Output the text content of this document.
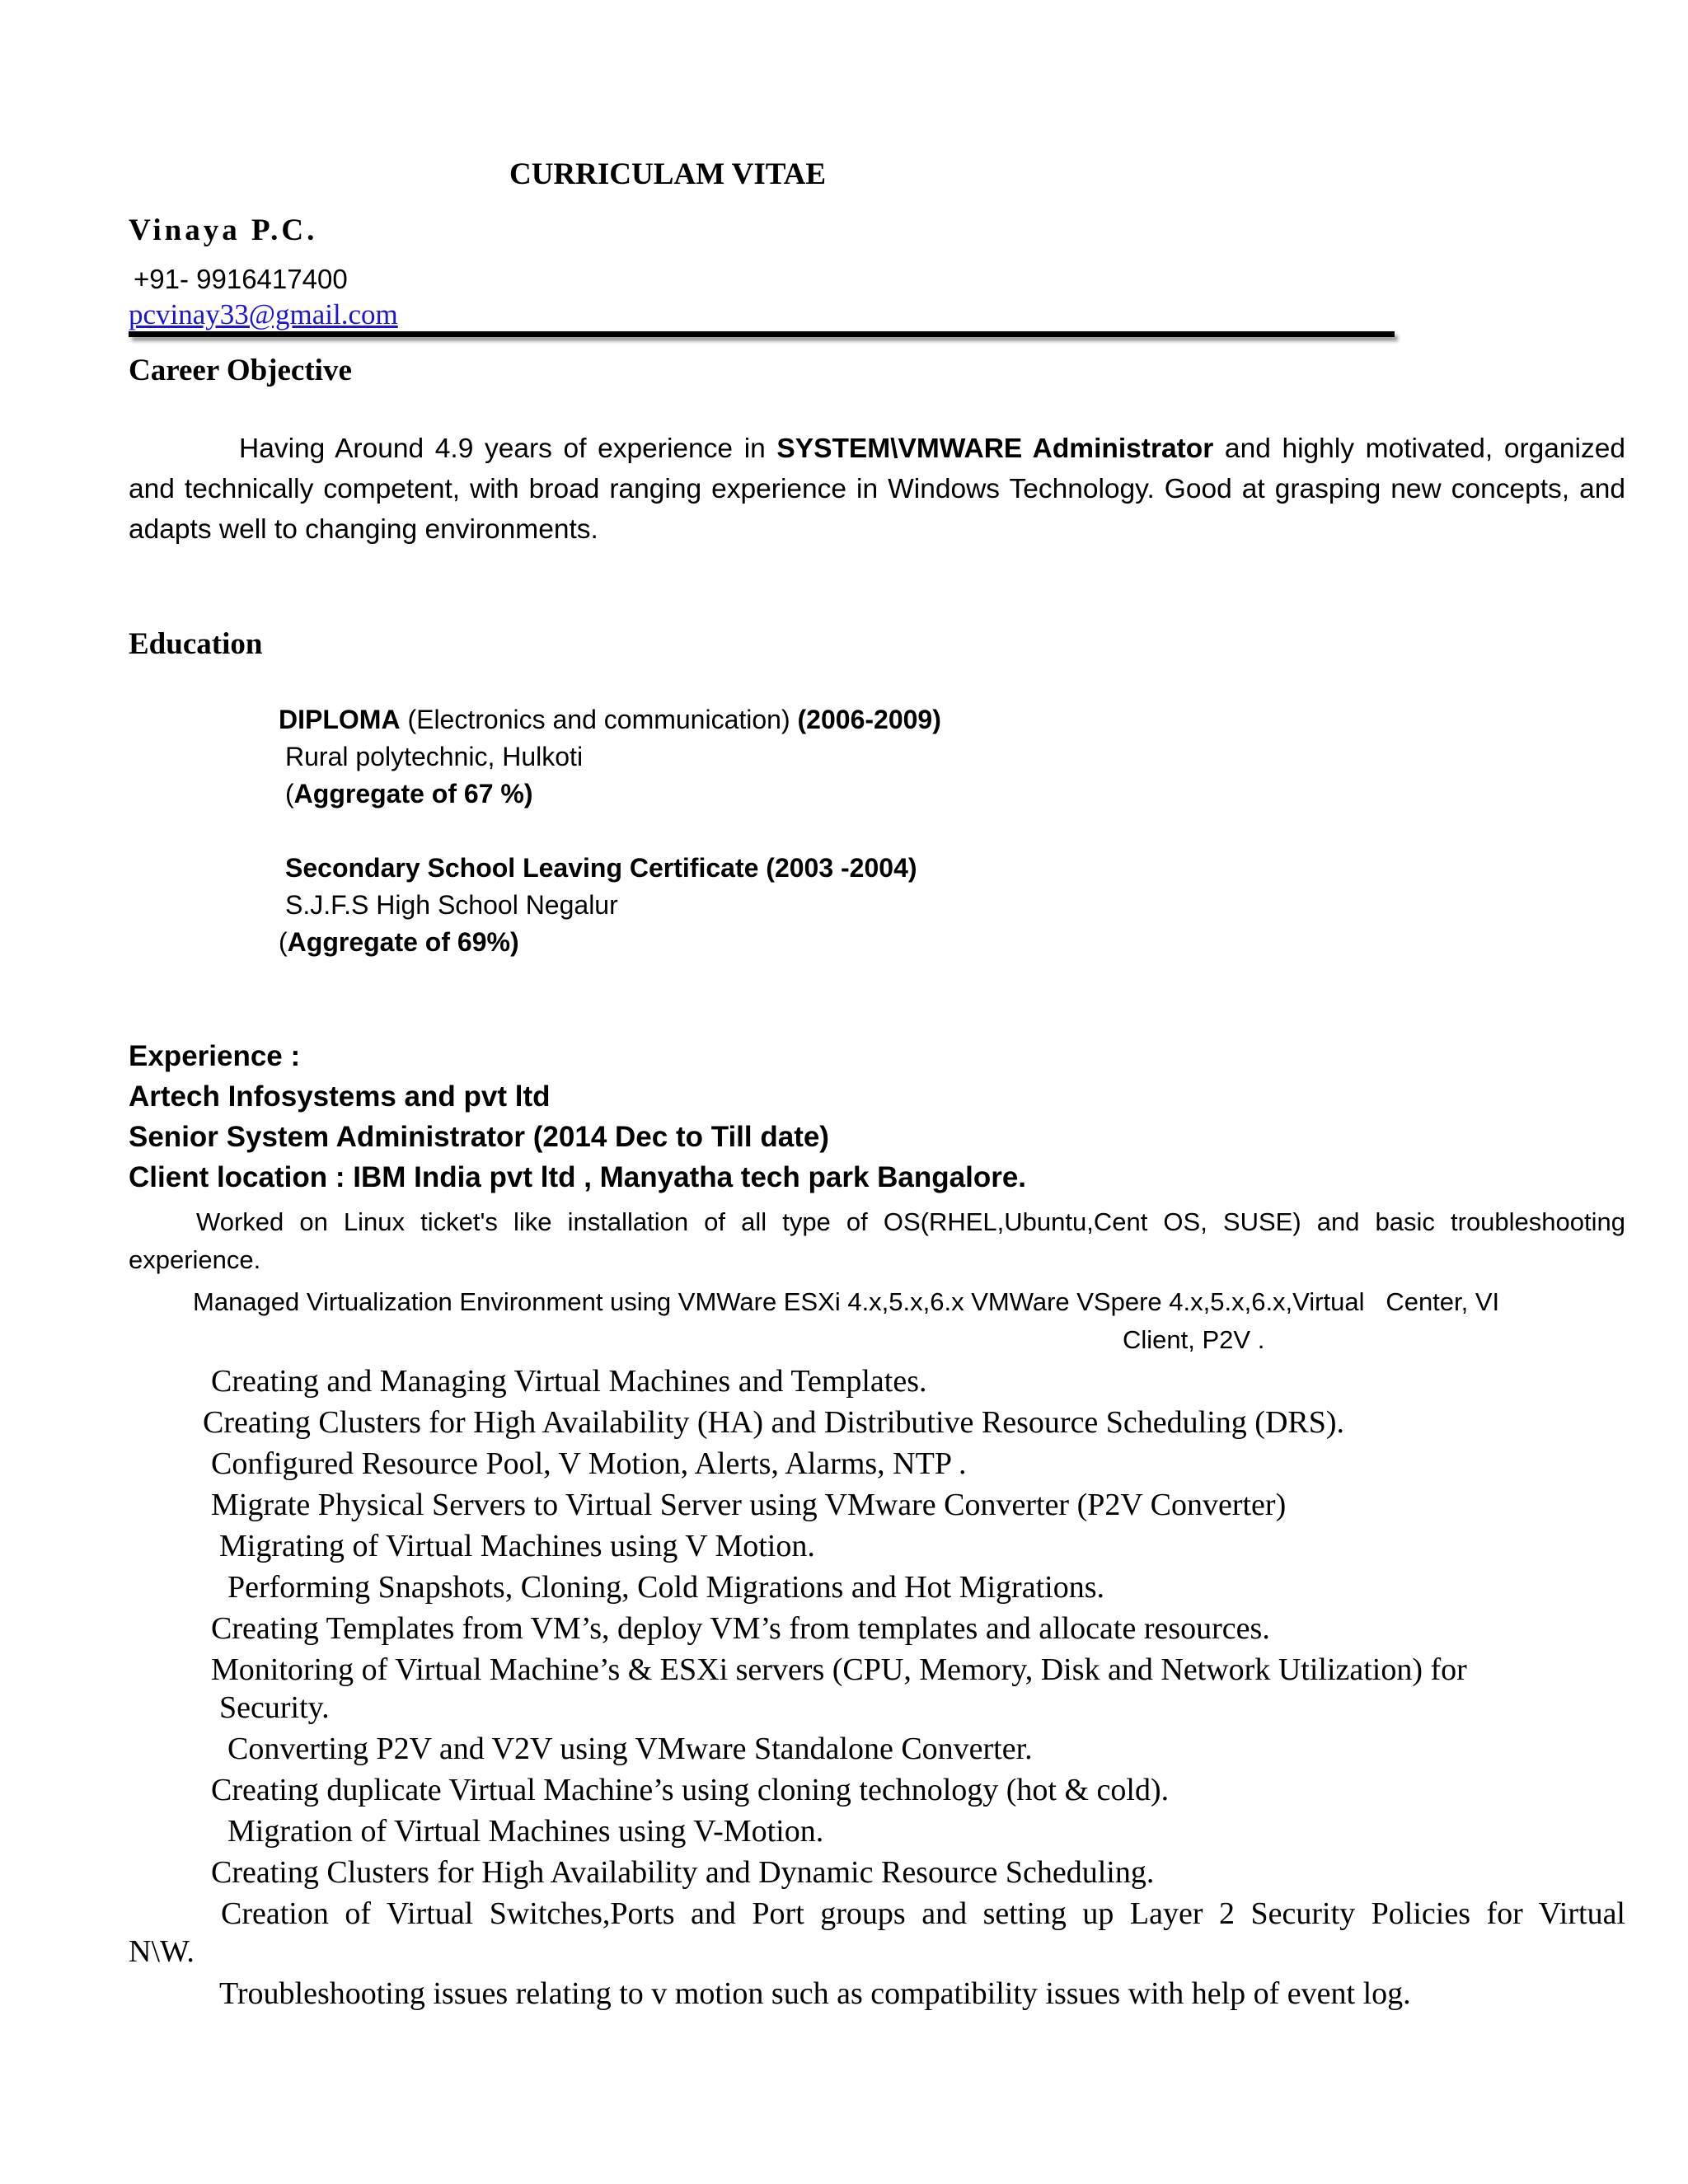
CURRICULAM VITAE
Vinaya P.C.
+91- 9916417400
pcvinay33@gmail.com
Career Objective
Having Around 4.9 years of experience in SYSTEM\VMWARE Administrator and highly motivated, organized and technically competent, with broad ranging experience in Windows Technology. Good at grasping new concepts, and adapts well to changing environments.
Education
DIPLOMA (Electronics and communication) (2006-2009)
Rural polytechnic, Hulkoti
(Aggregate of 67 %)
Secondary School Leaving Certificate (2003 -2004)
S.J.F.S High School Negalur
(Aggregate of 69%)
Experience :
Artech Infosystems and pvt ltd
Senior System Administrator (2014 Dec to Till date)
Client location : IBM India pvt ltd , Manyatha tech park Bangalore.
Worked on Linux ticket's like installation of all type of OS(RHEL,Ubuntu,Cent OS, SUSE) and basic troubleshooting
experience.
Managed Virtualization Environment using VMWare ESXi 4.x,5.x,6.x VMWare VSpere 4.x,5.x,6.x,Virtual   Center, VI
Client, P2V .
Creating and Managing Virtual Machines and Templates.
Creating Clusters for High Availability (HA) and Distributive Resource Scheduling (DRS).
Configured Resource Pool, V Motion, Alerts, Alarms, NTP .
Migrate Physical Servers to Virtual Server using VMware Converter (P2V Converter)
Migrating of Virtual Machines using V Motion.
Performing Snapshots, Cloning, Cold Migrations and Hot Migrations.
Creating Templates from VM’s, deploy VM’s from templates and allocate resources.
Monitoring of Virtual Machine’s & ESXi servers (CPU, Memory, Disk and Network Utilization) for
Security.
Converting P2V and V2V using VMware Standalone Converter.
Creating duplicate Virtual Machine’s using cloning technology (hot & cold).
Migration of Virtual Machines using V-Motion.
Creating Clusters for High Availability and Dynamic Resource Scheduling.
Creation of Virtual Switches,Ports and Port groups and setting up Layer 2 Security Policies for Virtual
N\W.
Troubleshooting issues relating to v motion such as compatibility issues with help of event log.
